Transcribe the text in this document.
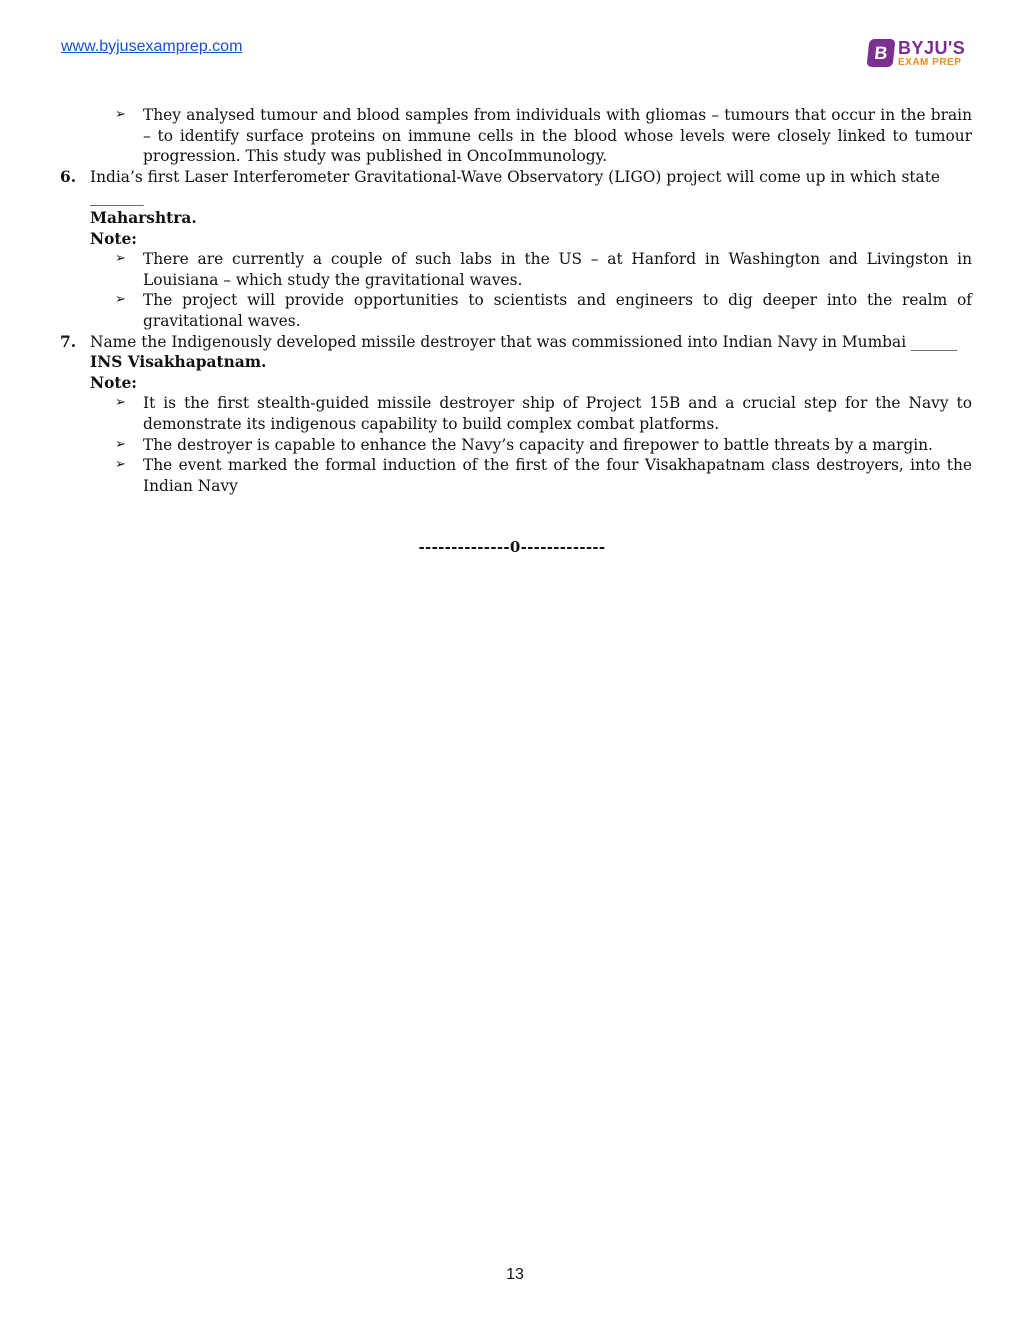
www.byjusexamprep.com	B BYJU'S
EXAM PREP
➢ They analysed tumour and blood samples from individuals with gliomas – tumours that occur in the brain – to identify surface proteins on immune cells in the blood whose levels were closely linked to tumour progression. This study was published in OncoImmunology.
6. India’s first Laser Interferometer Gravitational-Wave Observatory (LIGO) project will come up in which state _______
Maharshtra.
Note:
➢ There are currently a couple of such labs in the US – at Hanford in Washington and Livingston in Louisiana – which study the gravitational waves.
➢ The project will provide opportunities to scientists and engineers to dig deeper into the realm of gravitational waves.
7. Name the Indigenously developed missile destroyer that was commissioned into Indian Navy in Mumbai ______ INS Visakhapatnam.
Note:
➢ It is the first stealth-guided missile destroyer ship of Project 15B and a crucial step for the Navy to demonstrate its indigenous capability to build complex combat platforms.
➢ The destroyer is capable to enhance the Navy’s capacity and firepower to battle threats by a margin.
➢ The event marked the formal induction of the first of the four Visakhapatnam class destroyers, into the Indian Navy
--------------0-------------
13
